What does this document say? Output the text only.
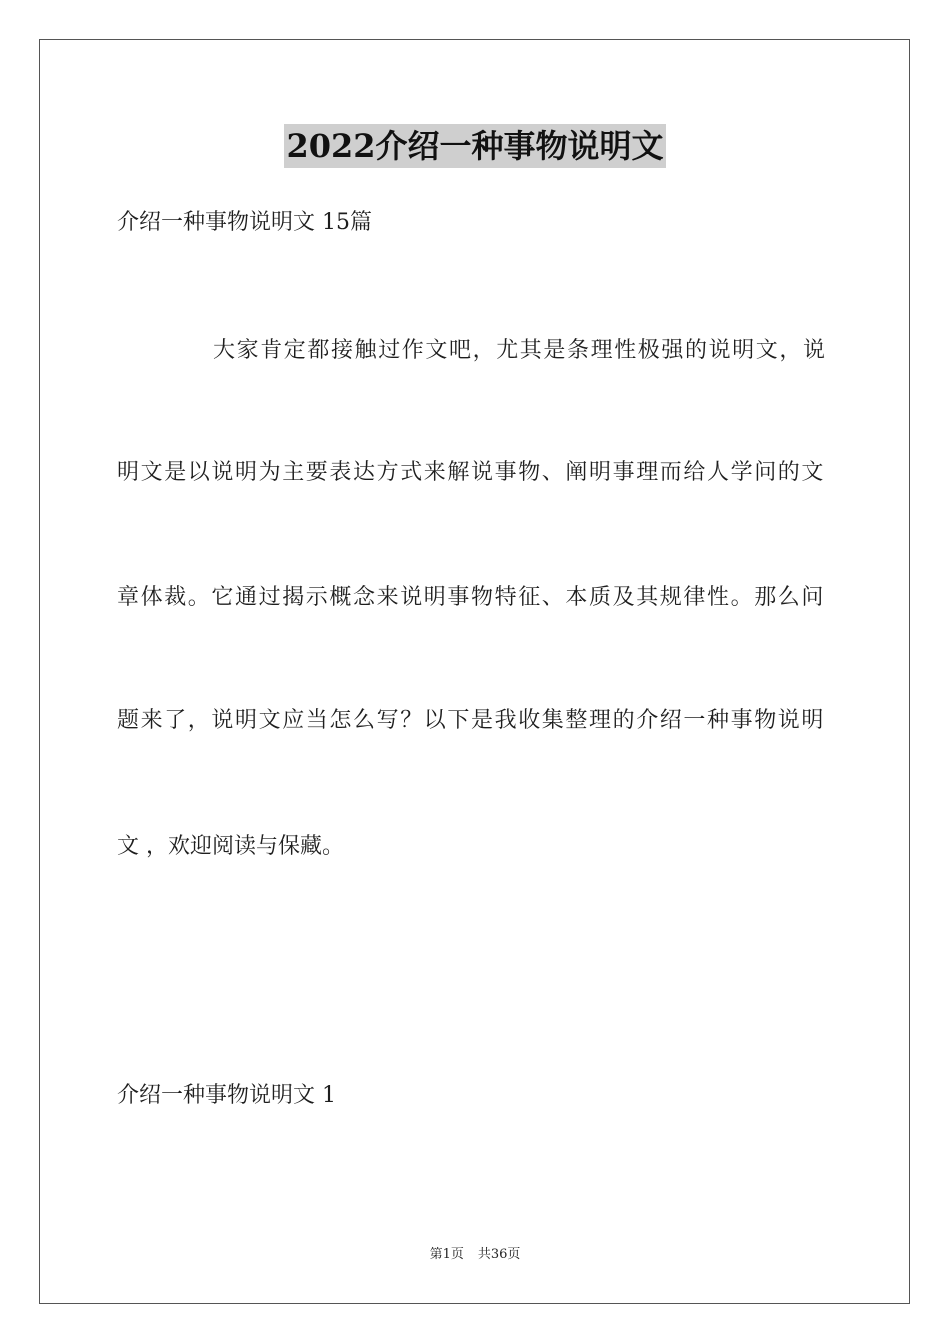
2022介绍一种事物说明文
介绍一种事物说明文 15篇
大家肯定都接触过作文吧，尤其是条理性极强的说明文，说
明文是以说明为主要表达方式来解说事物、阐明事理而给人学问的文
章体裁。它通过揭示概念来说明事物特征、本质及其规律性。那么问
题来了，说明文应当怎么写？以下是我收集整理的介绍一种事物说明
文 ，欢迎阅读与保藏。
介绍一种事物说明文 1
第1页 共36页
